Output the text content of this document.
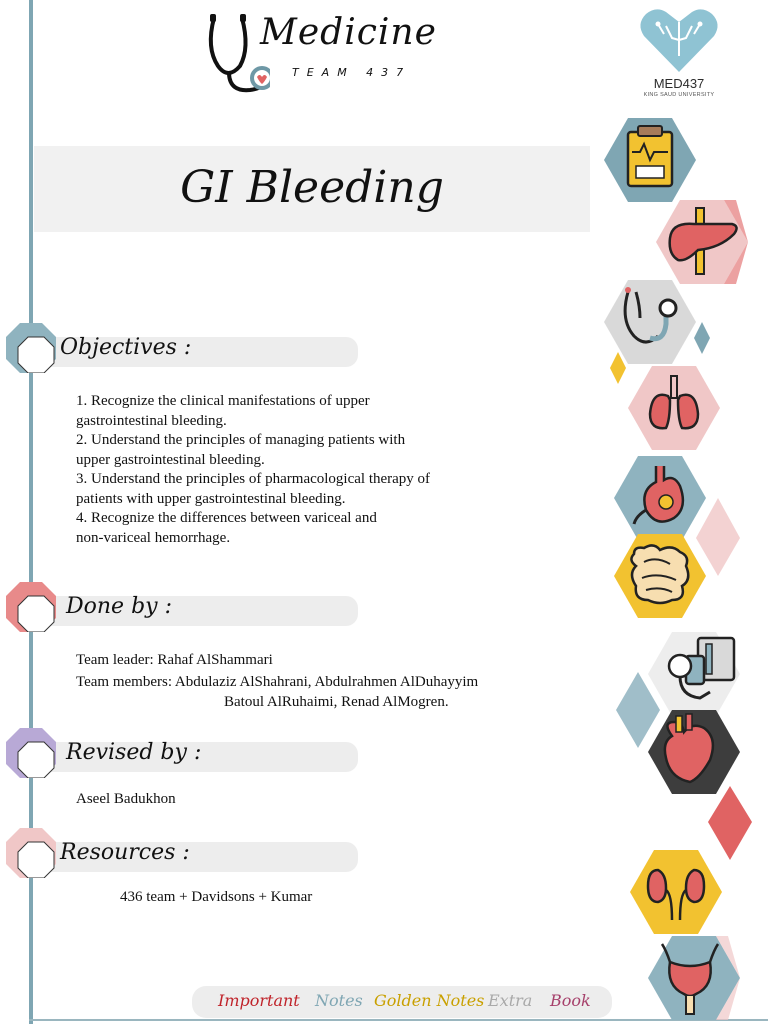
Medicine
TEAM 437
MED437
KING SAUD UNIVERSITY
GI Bleeding
Objectives :
1. Recognize the clinical manifestations of upper
gastrointestinal bleeding.
2. Understand the principles of managing patients with
upper gastrointestinal bleeding.
3. Understand the principles of pharmacological therapy of
patients with upper gastrointestinal bleeding.
4. Recognize the differences between variceal and
non-variceal hemorrhage.
Done by :
Team leader: Rahaf AlShammari
Team members: Abdulaziz AlShahrani, Abdulrahmen AlDuhayyim
Batoul AlRuhaimi, Renad AlMogren.
Revised by :
Aseel Badukhon
Resources :
436 team + Davidsons + Kumar
Important Notes Golden Notes Extra Book
